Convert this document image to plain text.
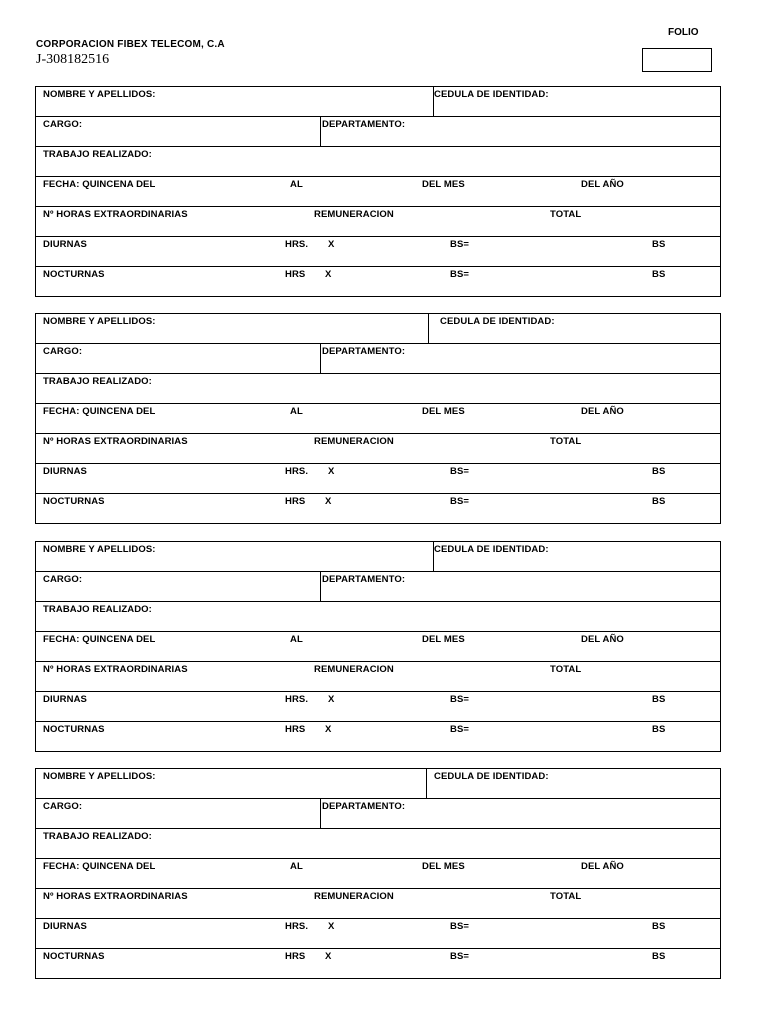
CORPORACION FIBEX TELECOM, C.A
J-308182516
FOLIO
NOMBRE Y APELLIDOS:	CEDULA DE IDENTIDAD:
CARGO:	DEPARTAMENTO:
TRABAJO REALIZADO:
FECHA: QUINCENA DEL	AL	DEL MES	DEL AÑO
Nº HORAS EXTRAORDINARIAS	REMUNERACION	TOTAL
DIURNAS	HRS. X	BS=	BS
NOCTURNAS	HRS X	BS=	BS
NOMBRE Y APELLIDOS:	CEDULA DE IDENTIDAD:
CARGO:	DEPARTAMENTO:
TRABAJO REALIZADO:
FECHA: QUINCENA DEL	AL	DEL MES	DEL AÑO
Nº HORAS EXTRAORDINARIAS	REMUNERACION	TOTAL
DIURNAS	HRS. X	BS=	BS
NOCTURNAS	HRS X	BS=	BS
NOMBRE Y APELLIDOS:	CEDULA DE IDENTIDAD:
CARGO:	DEPARTAMENTO:
TRABAJO REALIZADO:
FECHA: QUINCENA DEL	AL	DEL MES	DEL AÑO
Nº HORAS EXTRAORDINARIAS	REMUNERACION	TOTAL
DIURNAS	HRS. X	BS=	BS
NOCTURNAS	HRS X	BS=	BS
NOMBRE Y APELLIDOS:	CEDULA DE IDENTIDAD:
CARGO:	DEPARTAMENTO:
TRABAJO REALIZADO:
FECHA: QUINCENA DEL	AL	DEL MES	DEL AÑO
Nº HORAS EXTRAORDINARIAS	REMUNERACION	TOTAL
DIURNAS	HRS. X	BS=	BS
NOCTURNAS	HRS X	BS=	BS
